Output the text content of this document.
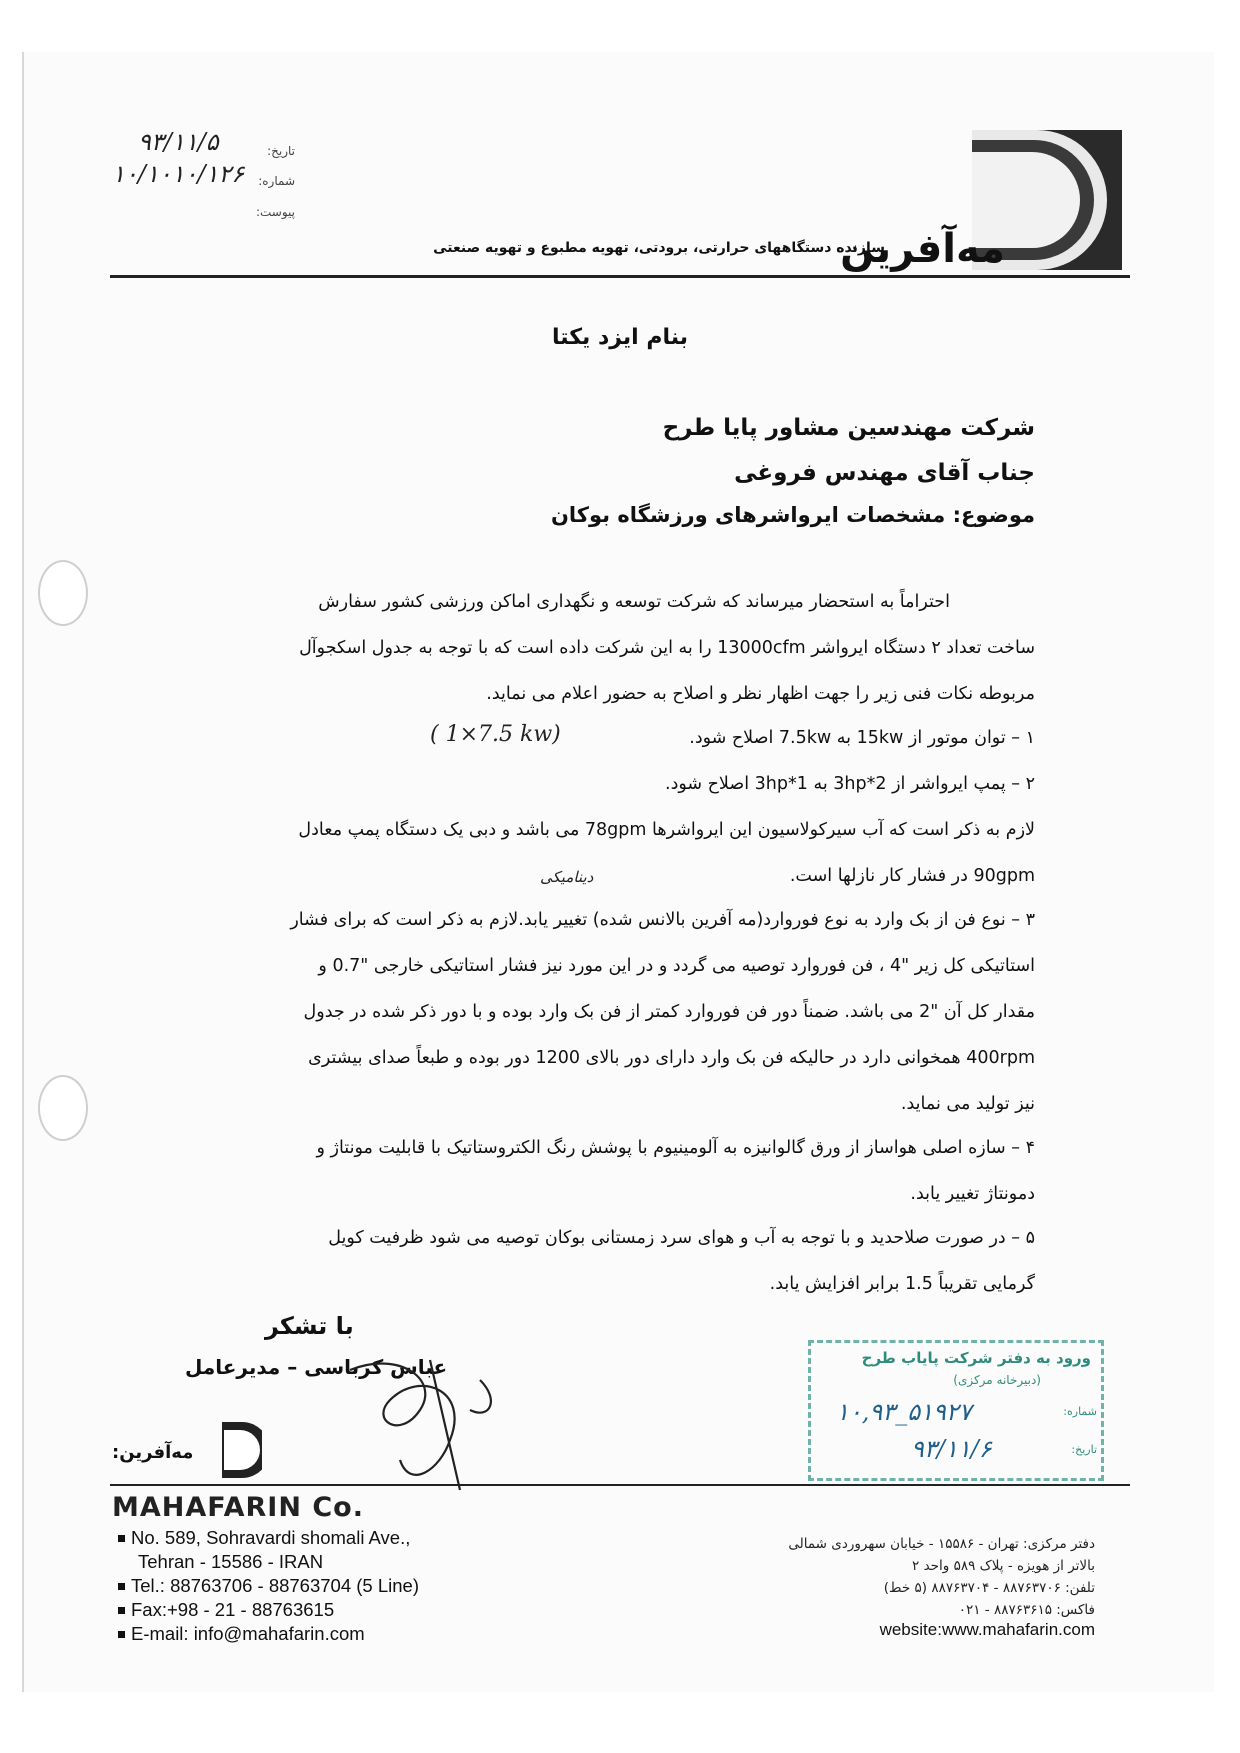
مه‌آفرین
سازنده دستگاههای حرارتی، برودتی، تهویه مطبوع و تهویه صنعتی
تاریخ:
۹۳/۱۱/۵
شماره:
۱۰/۱۰۱۰/۱۲۶
پیوست:
بنام ایزد یکتا
شرکت مهندسین مشاور پایا طرح
جناب آقای مهندس فروغی
موضوع: مشخصات ایرواشرهای ورزشگاه بوکان
احتراماً به استحضار میرساند که شرکت توسعه و نگهداری اماکن ورزشی کشور سفارش
ساخت تعداد ۲ دستگاه ایرواشر 13000cfm را به این شرکت داده است که با توجه به جدول اسکجوآل
مربوطه نکات فنی زیر را جهت اظهار نظر و اصلاح به حضور اعلام می نماید.
۱ – توان موتور از 15kw به 7.5kw اصلاح شود.
( 1×7.5 kw)
۲ – پمپ ایرواشر از 2*3hp به 1*3hp اصلاح شود.
لازم به ذکر است که آب سیرکولاسیون این ایرواشرها 78gpm می باشد و دبی یک دستگاه پمپ معادل
90gpm در فشار کار نازلها است.
دینامیکی
۳ – نوع فن از بک وارد به نوع فوروارد(مه آفرین بالانس شده) تغییر یابد.لازم به ذکر است که برای فشار
استاتیکی کل زیر "4 ، فن فوروارد توصیه می گردد و در این مورد نیز فشار استاتیکی خارجی "0.7 و
مقدار کل آن "2 می باشد. ضمناً دور فن فوروارد کمتر از فن بک وارد بوده و با دور ذکر شده در جدول
400rpm همخوانی دارد در حالیکه فن بک وارد دارای دور بالای 1200 دور بوده و طبعاً صدای بیشتری
نیز تولید می نماید.
۴ – سازه اصلی هواساز از ورق گالوانیزه به آلومینیوم با پوشش رنگ الکتروستاتیک با قابلیت مونتاژ و
دمونتاژ تغییر یابد.
۵ – در صورت صلاحدید و با توجه به آب و هوای سرد زمستانی بوکان توصیه می شود ظرفیت کویل
گرمایی تقریباً 1.5 برابر افزایش یابد.
با تشکر
عباس کرباسی – مدیرعامل
مه‌آفرین:
ورود به دفتر شرکت پایاب طرح
(دبیرخانه مرکزی)
شماره:
۱۰,۹۳_۵۱۹۲۷
تاریخ:
۹۳/۱۱/۶
MAHAFARIN Co.
No. 589, Sohravardi shomali Ave.,
Tehran - 15586 - IRAN
Tel.: 88763706 - 88763704 (5 Line)
Fax:+98 - 21 - 88763615
E-mail: info@mahafarin.com
دفتر مرکزی: تهران - ۱۵۵۸۶ - خیابان سهروردی شمالی
بالاتر از هویزه - پلاک ۵۸۹ واحد ۲
تلفن: ۸۸۷۶۳۷۰۶ - ۸۸۷۶۳۷۰۴ (۵ خط)
فاکس: ۸۸۷۶۳۶۱۵ - ۰۲۱
website:www.mahafarin.com
